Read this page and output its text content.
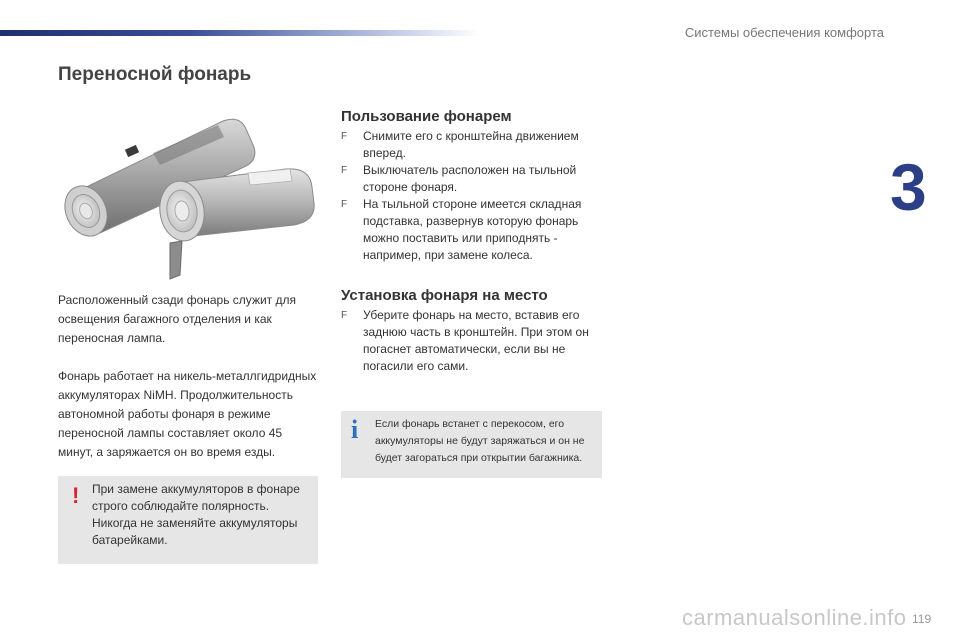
Системы обеспечения комфорта
3
Переносной фонарь

Расположенный сзади фонарь служит для освещения багажного отделения и как переносная лампа.

Фонарь работает на никель-металлгидридных аккумуляторах NiMH. Продолжительность автономной работы фонаря в режиме переносной лампы составляет около 45 минут, а заряжается он во время езды.

! При замене аккумуляторов в фонаре строго соблюдайте полярность. Никогда не заменяйте аккумуляторы батарейками.
Пользование фонарем
F Снимите его с кронштейна движением вперед.
F Выключатель расположен на тыльной стороне фонаря.
F На тыльной стороне имеется складная подставка, развернув которую фонарь можно поставить или приподнять - например, при замене колеса.
Установка фонаря на место
F Уберите фонарь на место, вставив его заднюю часть в кронштейн. При этом он погаснет автоматически, если вы не погасили его сами.
i Если фонарь встанет с перекосом, его аккумуляторы не будут заряжаться и он не будет загораться при открытии багажника.
carmanualsonline.info 119
